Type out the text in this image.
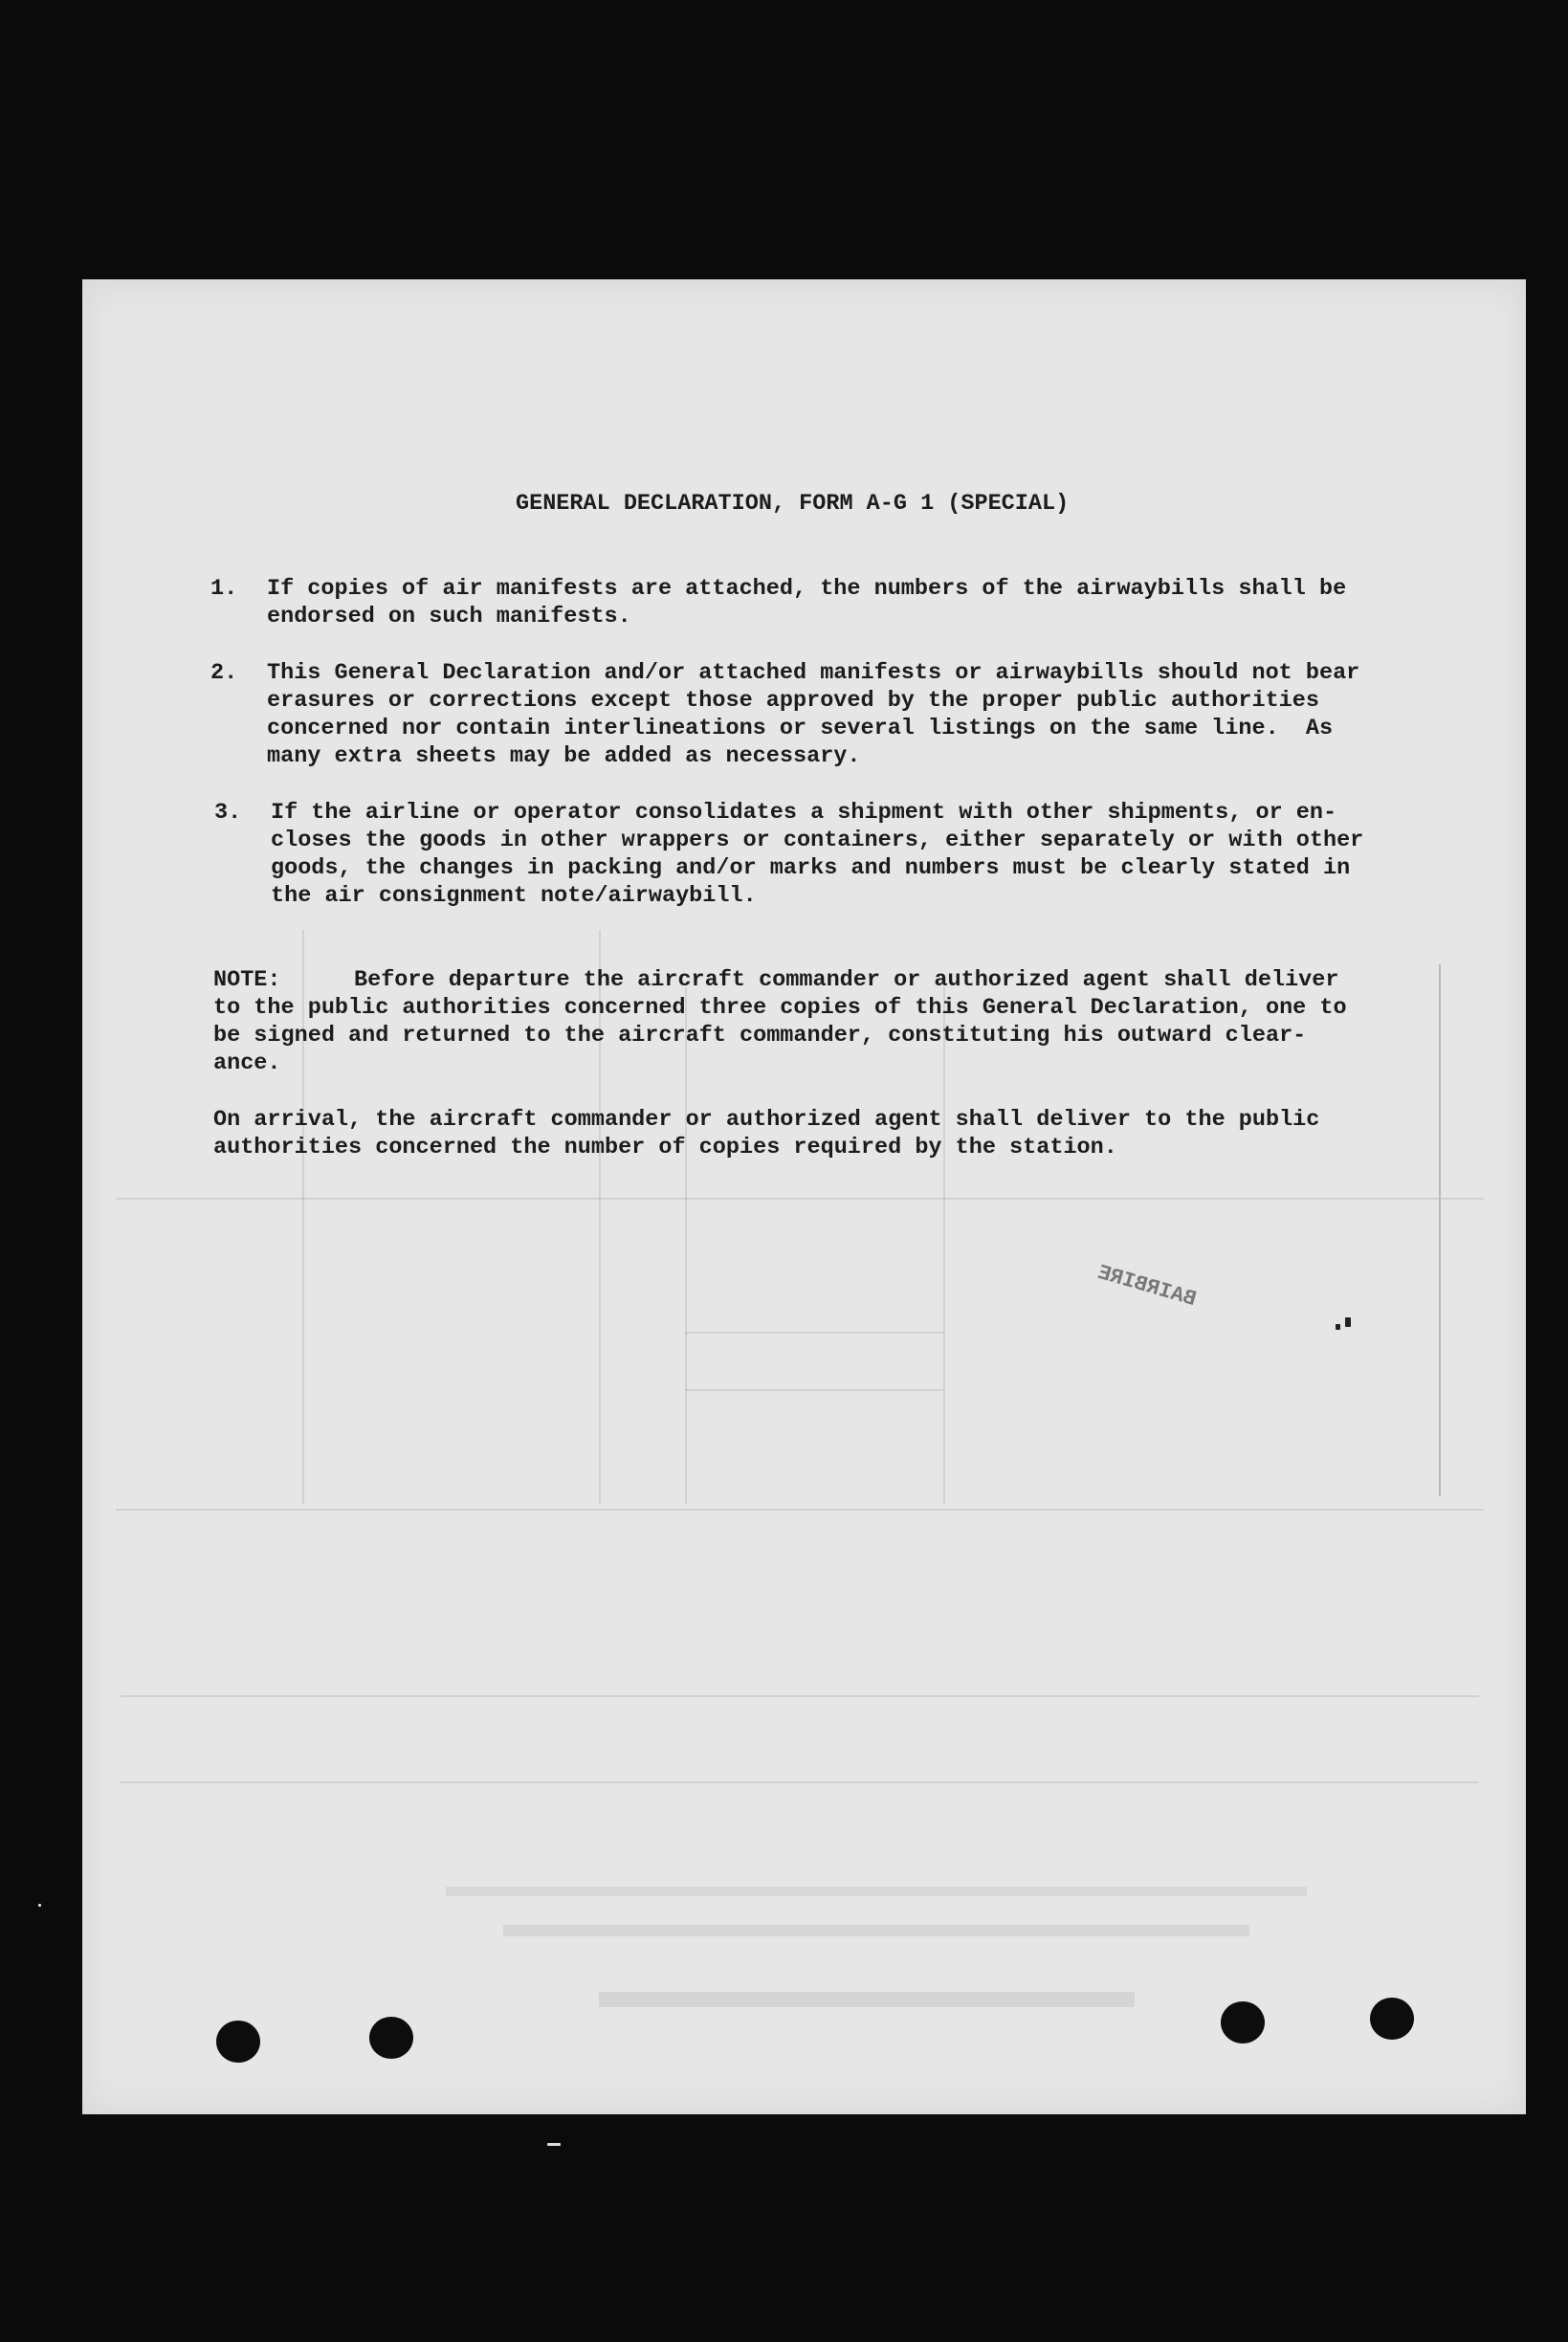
GENERAL DECLARATION, FORM A-G 1 (SPECIAL)
1. If copies of air manifests are attached, the numbers of the airwaybills shall be
endorsed on such manifests.
2. This General Declaration and/or attached manifests or airwaybills should not bear
erasures or corrections except those approved by the proper public authorities
concerned nor contain interlineations or several listings on the same line.  As
many extra sheets may be added as necessary.
3. If the airline or operator consolidates a shipment with other shipments, or en-
closes the goods in other wrappers or containers, either separately or with other
goods, the changes in packing and/or marks and numbers must be clearly stated in
the air consignment note/airwaybill.
NOTE:	Before departure the aircraft commander or authorized agent shall deliver
to the public authorities concerned three copies of this General Declaration, one to
be signed and returned to the aircraft commander, constituting his outward clear-
ance.
On arrival, the aircraft commander or authorized agent shall deliver to the public
authorities concerned the number of copies required by the station.
BAIRBIRE
